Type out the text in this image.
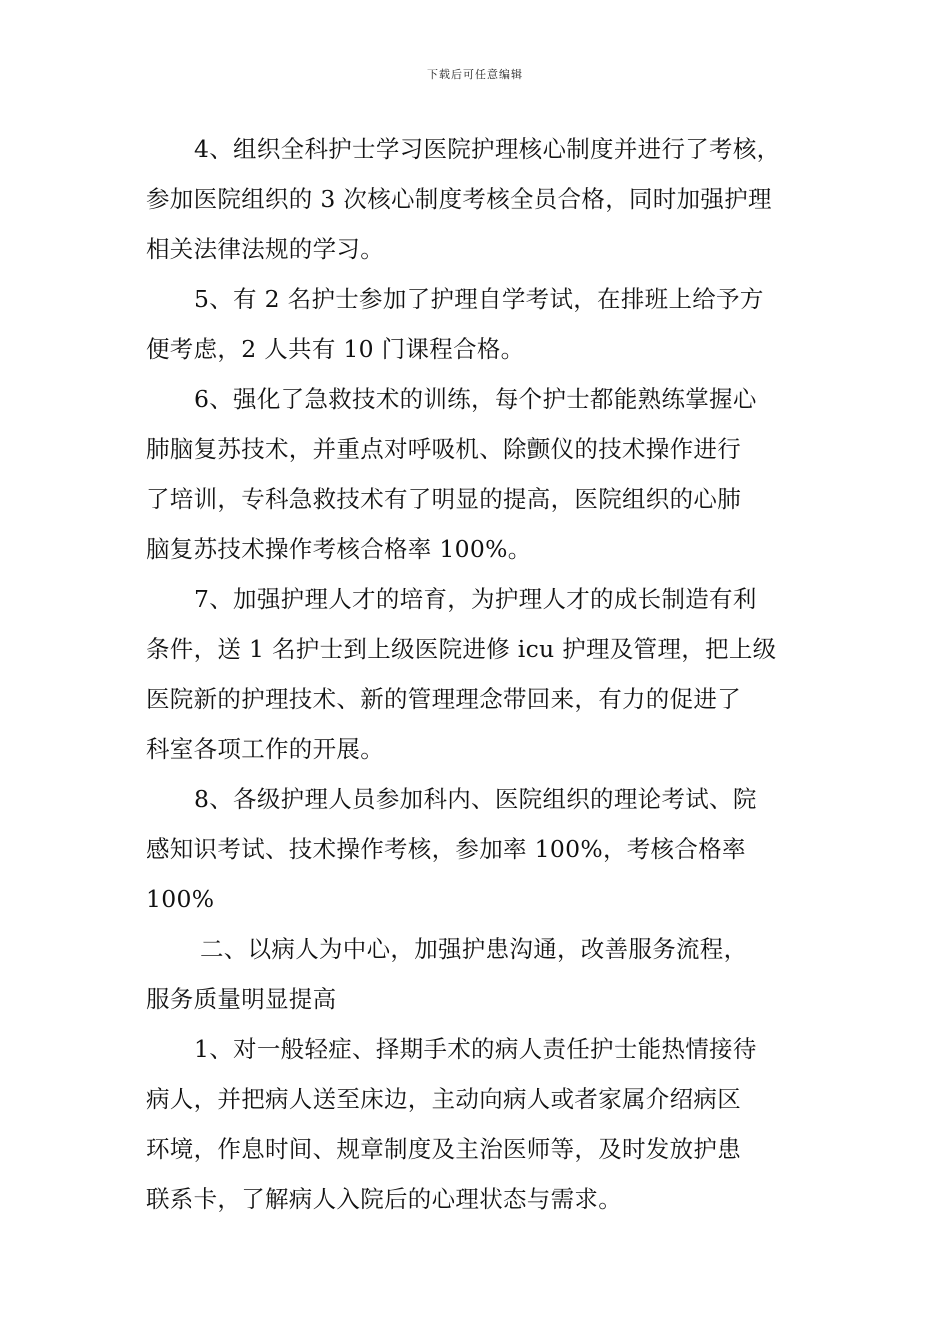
下载后可任意编辑
4、组织全科护士学习医院护理核心制度并进行了考核，
参加医院组织的 3 次核心制度考核全员合格，同时加强护理
相关法律法规的学习。
5、有 2 名护士参加了护理自学考试，在排班上给予方
便考虑，2 人共有 10 门课程合格。
6、强化了急救技术的训练，每个护士都能熟练掌握心
肺脑复苏技术，并重点对呼吸机、除颤仪的技术操作进行
了培训，专科急救技术有了明显的提高，医院组织的心肺
脑复苏技术操作考核合格率 100%。
7、加强护理人才的培育，为护理人才的成长制造有利
条件，送 1 名护士到上级医院进修 icu 护理及管理，把上级
医院新的护理技术、新的管理理念带回来，有力的促进了
科室各项工作的开展。
8、各级护理人员参加科内、医院组织的理论考试、院
感知识考试、技术操作考核，参加率 100%，考核合格率
100%
二、以病人为中心，加强护患沟通，改善服务流程，
服务质量明显提高
1、对一般轻症、择期手术的病人责任护士能热情接待
病人，并把病人送至床边，主动向病人或者家属介绍病区
环境，作息时间、规章制度及主治医师等，及时发放护患
联系卡，了解病人入院后的心理状态与需求。
